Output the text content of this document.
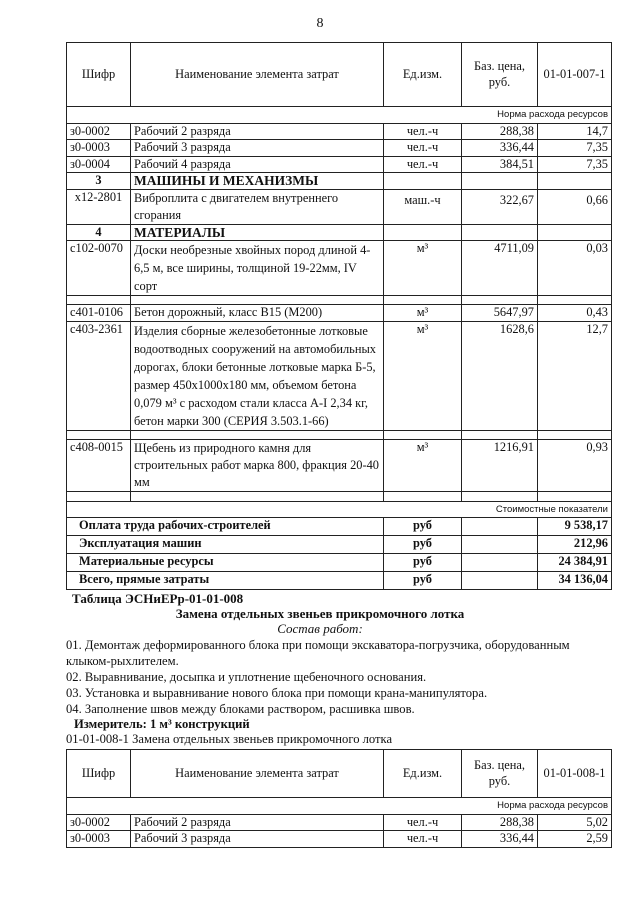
8
Шифр	Наименование элемента затрат	Ед.изм.	Баз. цена, руб.	01-01-007-1
Норма расхода ресурсов				
з0-0002	Рабочий 2 разряда	чел.-ч	288,38	14,7
з0-0003	Рабочий 3 разряда	чел.-ч	336,44	7,35
з0-0004	Рабочий 4 разряда	чел.-ч	384,51	7,35
3	МАШИНЫ И МЕХАНИЗМЫ			
х12-2801	Виброплита с двигателем внутреннего сгорания	маш.-ч	322,67	0,66
4	МАТЕРИАЛЫ			
с102-0070	Доски необрезные хвойных пород длиной 4-6,5 м, все ширины, толщиной 19-22мм, IV сорт	м³	4711,09	0,03

с401-0106	Бетон дорожный, класс B15 (M200)	м³	5647,97	0,43
с403-2361	Изделия сборные железобетонные лотковые водоотводных сооружений на автомобильных дорогах, блоки бетонные лотковые марка Б-5, размер 450х1000х180 мм, объемом бетона 0,079 м³ с расходом стали класса А-I 2,34 кг, бетон марки 300 (СЕРИЯ 3.503.1-66)	м³	1628,6	12,7

с408-0015	Щебень из природного камня для строительных работ марка 800, фракция 20-40 мм	м³	1216,91	0,93

Стоимостные показатели				
Оплата труда рабочих-строителей		руб		9 538,17
Эксплуатация машин		руб		212,96
Материальные ресурсы		руб		24 384,91
Всего, прямые затраты		руб		34 136,04
Таблица ЭСНиЕРр-01-01-008
Замена отдельных звеньев прикромочного лотка
Состав работ:
01. Демонтаж деформированного блока при помощи экскаватора-погрузчика, оборудованным
клыком-рыхлителем.
02. Выравнивание, досыпка и уплотнение щебеночного основания.
03. Установка и выравнивание нового блока при помощи крана-манипулятора.
04. Заполнение швов между блоками раствором, расшивка швов.
Измеритель: 1 м³ конструкций
01-01-008-1 Замена отдельных звеньев прикромочного лотка
Шифр	Наименование элемента затрат	Ед.изм.	Баз. цена, руб.	01-01-008-1
Норма расхода ресурсов				
з0-0002	Рабочий 2 разряда	чел.-ч	288,38	5,02
з0-0003	Рабочий 3 разряда	чел.-ч	336,44	2,59
